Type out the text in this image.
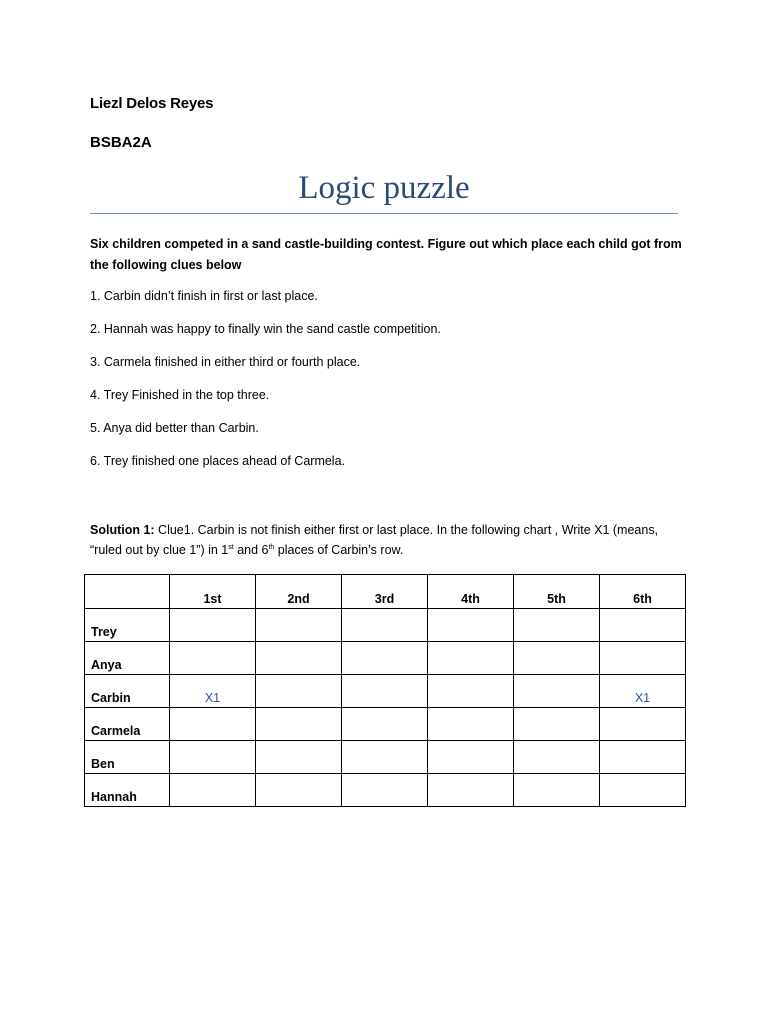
Liezl Delos Reyes
BSBA2A
Logic puzzle
Six children competed in a sand castle-building contest. Figure out which place each child got from the following clues below
1. Carbin didn’t finish in first or last place.
2. Hannah was happy to finally win the sand castle competition.
3. Carmela finished in either third or fourth place.
4. Trey Finished in the top three.
5. Anya did better than Carbin.
6. Trey finished one places ahead of Carmela.
Solution 1: Clue1. Carbin is not finish either first or last place. In the following chart , Write X1 (means, “ruled out by clue 1”) in 1st and 6th places of Carbin’s row.
	1st	2nd	3rd	4th	5th	6th
Trey						
Anya						
Carbin	X1					X1
Carmela						
Ben						
Hannah						
